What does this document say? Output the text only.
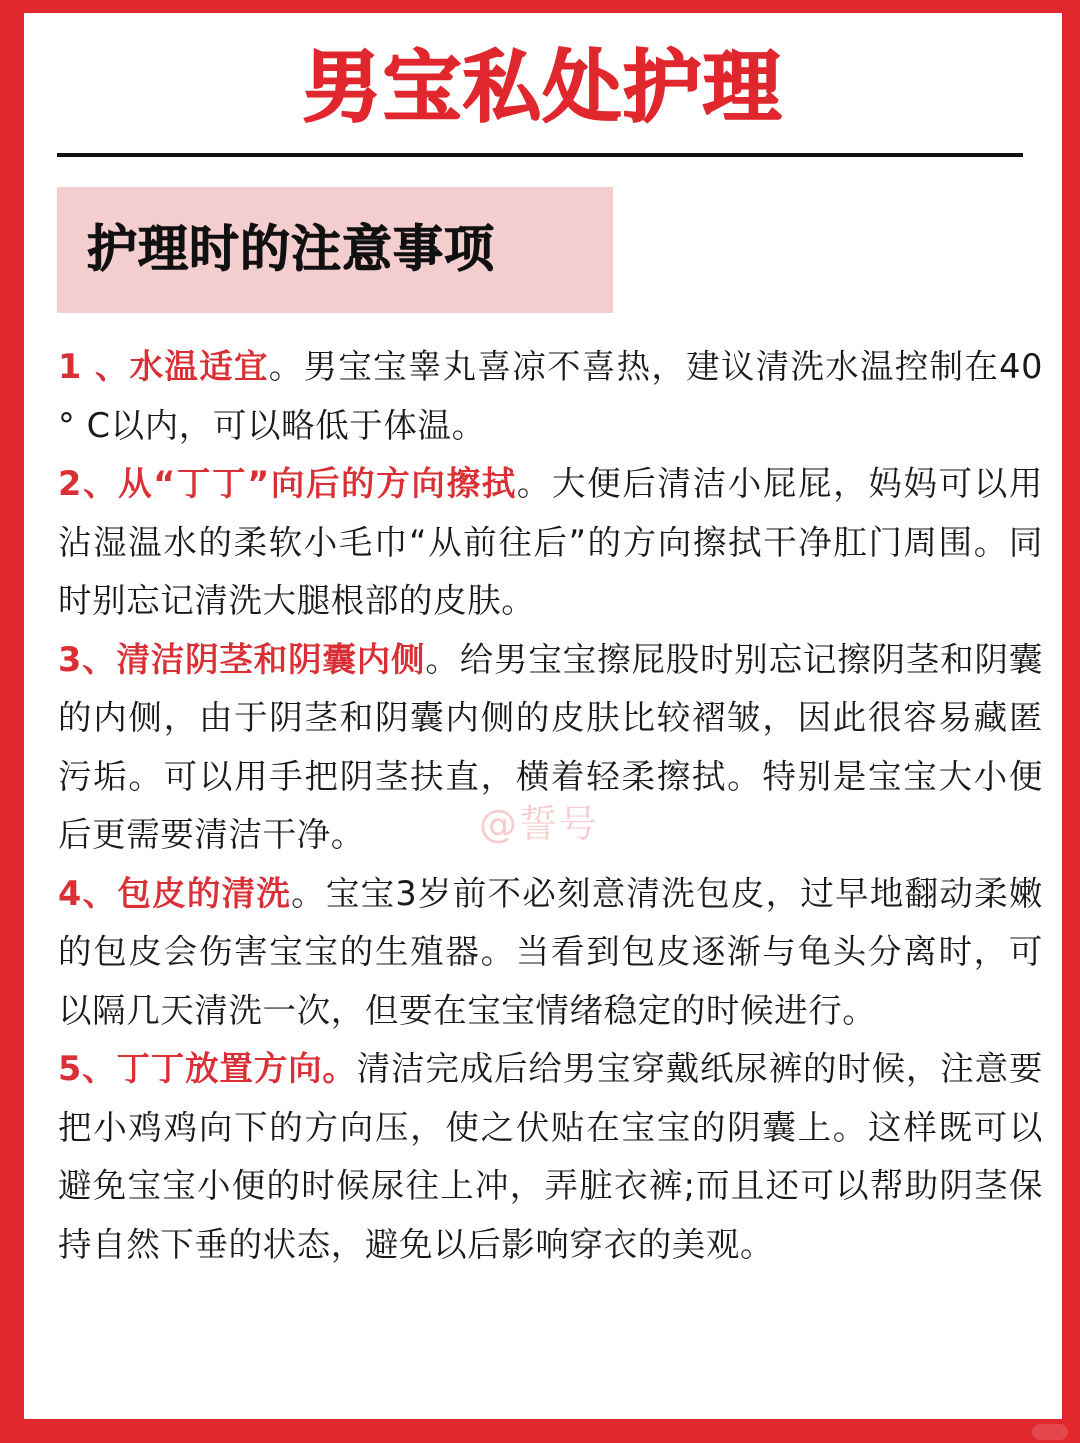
男宝私处护理
护理时的注意事项

1 、水温适宜。男宝宝睾丸喜凉不喜热，建议清洗水温控制在40 ° C以内，可以略低于体温。

2、从“丁丁”向后的方向擦拭。大便后清洁小屁屁，妈妈可以用沾湿温水的柔软小毛巾“从前往后”的方向擦拭干净肛门周围。同时别忘记清洗大腿根部的皮肤。

3、清洁阴茎和阴囊内侧。给男宝宝擦屁股时别忘记擦阴茎和阴囊的内侧，由于阴茎和阴囊内侧的皮肤比较褶皱，因此很容易藏匿污垢。可以用手把阴茎扶直，横着轻柔擦拭。特别是宝宝大小便后更需要清洁干净。

4、包皮的清洗。宝宝3岁前不必刻意清洗包皮，过早地翻动柔嫩的包皮会伤害宝宝的生殖器。当看到包皮逐渐与龟头分离时，可以隔几天清洗一次，但要在宝宝情绪稳定的时候进行。

5、丁丁放置方向。清洁完成后给男宝穿戴纸尿裤的时候，注意要把小鸡鸡向下的方向压，使之伏贴在宝宝的阴囊上。这样既可以避免宝宝小便的时候尿往上冲，弄脏衣裤;而且还可以帮助阴茎保持自然下垂的状态，避免以后影响穿衣的美观。

@誓号
